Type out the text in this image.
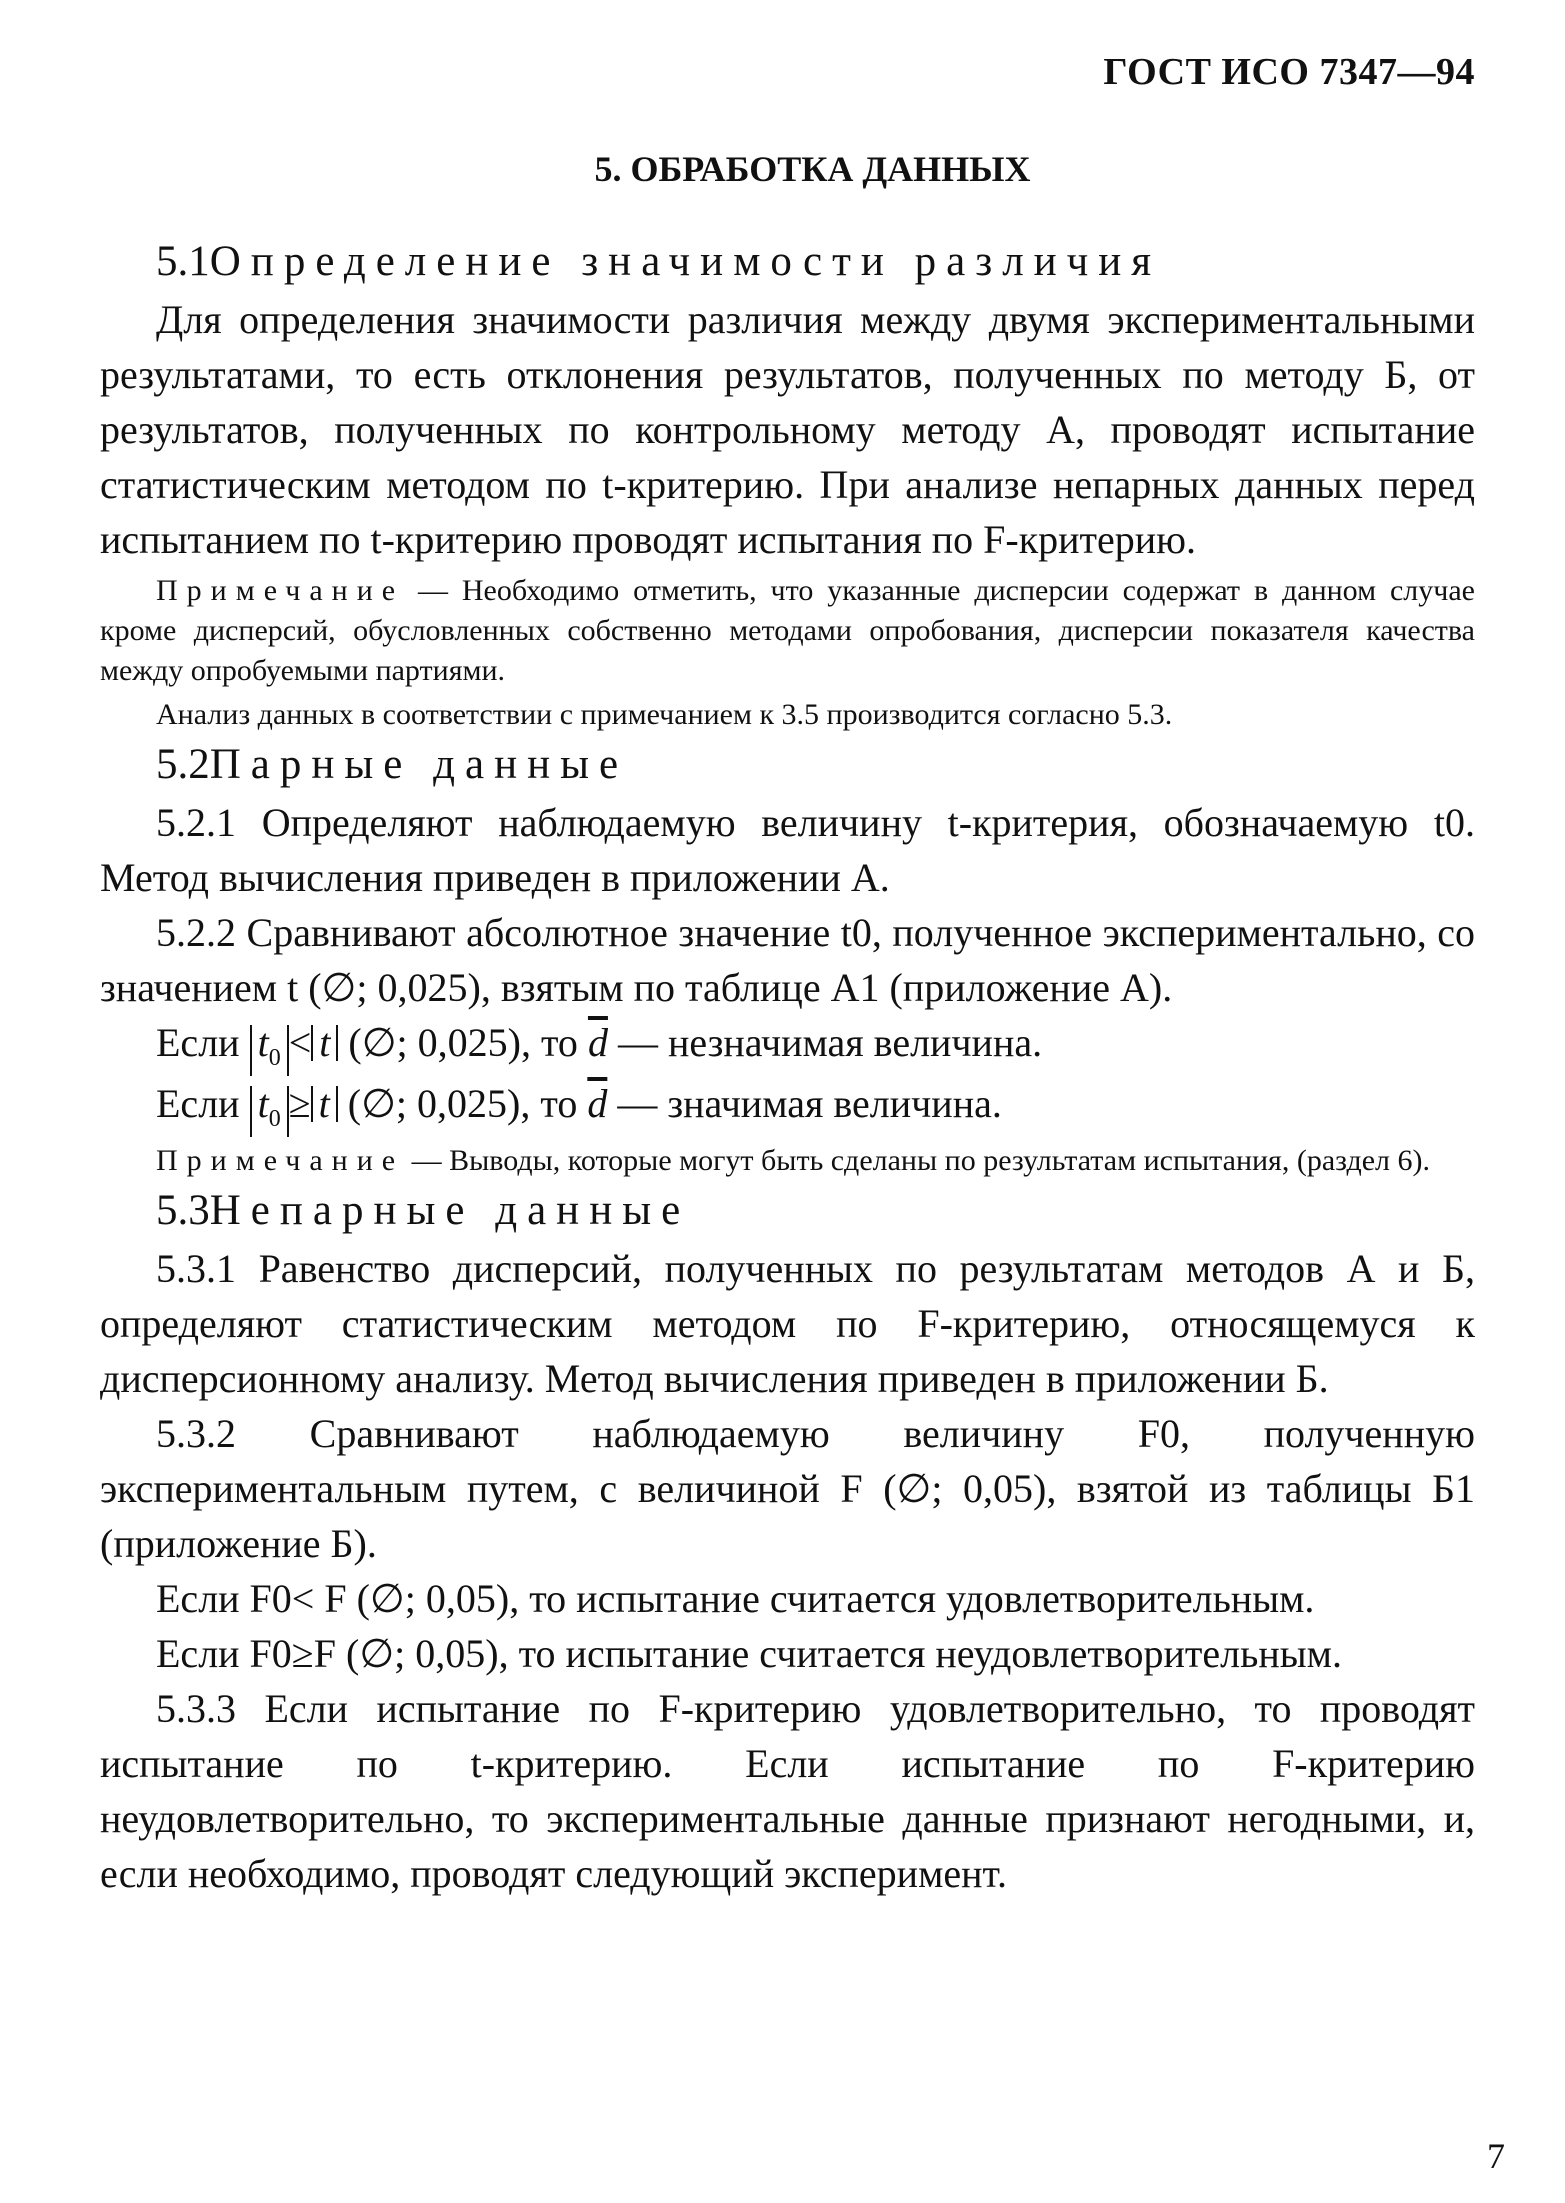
ГОСТ ИСО 7347—94
5. ОБРАБОТКА ДАННЫХ

5.1Определение значимости различия

Для определения значимости различия между двумя экспериментальными результатами, то есть отклонения результатов, полученных по методу Б, от результатов, полученных по контрольному методу А, проводят испытание статистическим методом по t-критерию. При анализе непарных данных перед испытанием по t-критерию проводят испытания по F-критерию.

Примечание — Необходимо отметить, что указанные дисперсии содержат в данном случае кроме дисперсий, обусловленных собственно методами опробования, дисперсии показателя качества между опробуемыми партиями.

Анализ данных в соответствии с примечанием к 3.5 производится согласно 5.3.

5.2Парные данные

5.2.1 Определяют наблюдаемую величину t-критерия, обозначаемую t0. Метод вычисления приведен в приложении А.

5.2.2 Сравнивают абсолютное значение t0, полученное экспериментально, со значением t (∅; 0,025), взятым по таблице А1 (приложение А).

Если $t_0 < t$ (∅; 0,025), то $\overline{d}$ — незначимая величина.

Если $t_0 \ge t$ (∅; 0,025), то $\overline{d}$ — значимая величина.

Примечание — Выводы, которые могут быть сделаны по результатам испытания, (раздел 6).

5.3Непарные данные

5.3.1 Равенство дисперсий, полученных по результатам методов А и Б, определяют статистическим методом по F-критерию, относящемуся к дисперсионному анализу. Метод вычисления приведен в приложении Б.

5.3.2 Сравнивают наблюдаемую величину F0, полученную экспериментальным путем, с величиной F (∅; 0,05), взятой из таблицы Б1 (приложение Б).

Если F0< F (∅; 0,05), то испытание считается удовлетворительным.

Если F0≥F (∅; 0,05), то испытание считается неудовлетворительным.

5.3.3 Если испытание по F-критерию удовлетворительно, то проводят испытание по t-критерию. Если испытание по F-критерию неудовлетворительно, то экспериментальные данные признают негодными, и, если необходимо, проводят следующий эксперимент.

7
